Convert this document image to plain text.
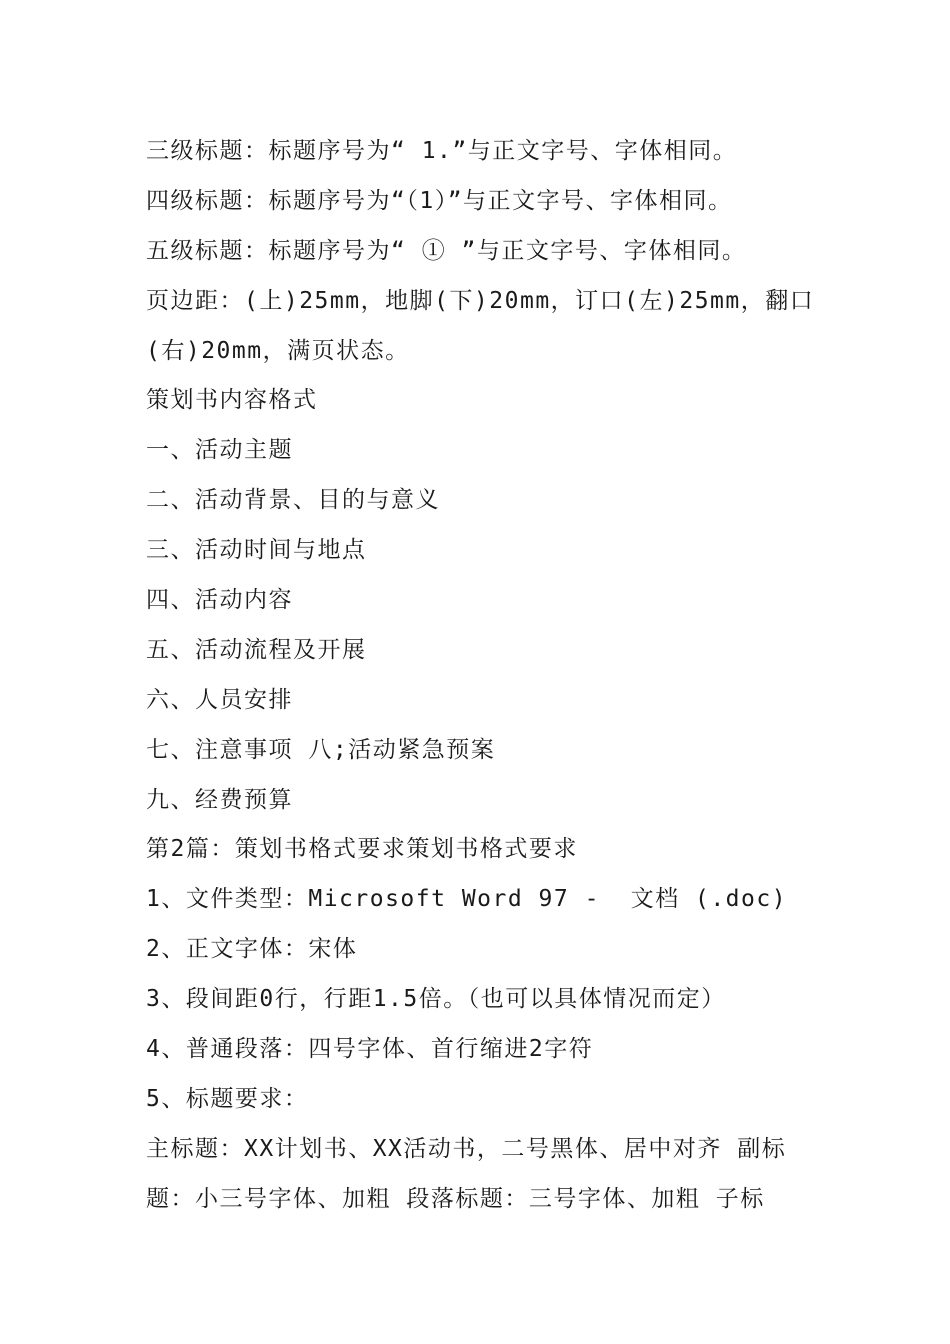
三级标题：标题序号为“ 1.”与正文字号、字体相同。
四级标题：标题序号为“（1）”与正文字号、字体相同。
五级标题：标题序号为“ ① ”与正文字号、字体相同。
页边距：(上)25mm，地脚(下)20mm，订口(左)25mm，翻口
(右)20mm，满页状态。
策划书内容格式
一、活动主题
二、活动背景、目的与意义
三、活动时间与地点
四、活动内容
五、活动流程及开展
六、人员安排
七、注意事项 八;活动紧急预案
九、经费预算
第2篇：策划书格式要求策划书格式要求
1、文件类型：Microsoft Word 97 -  文档 (.doc)
2、正文字体：宋体
3、段间距0行，行距1.5倍。（也可以具体情况而定）
4、普通段落：四号字体、首行缩进2字符
5、标题要求：
主标题：XX计划书、XX活动书，二号黑体、居中对齐 副标
题：小三号字体、加粗 段落标题：三号字体、加粗 子标
